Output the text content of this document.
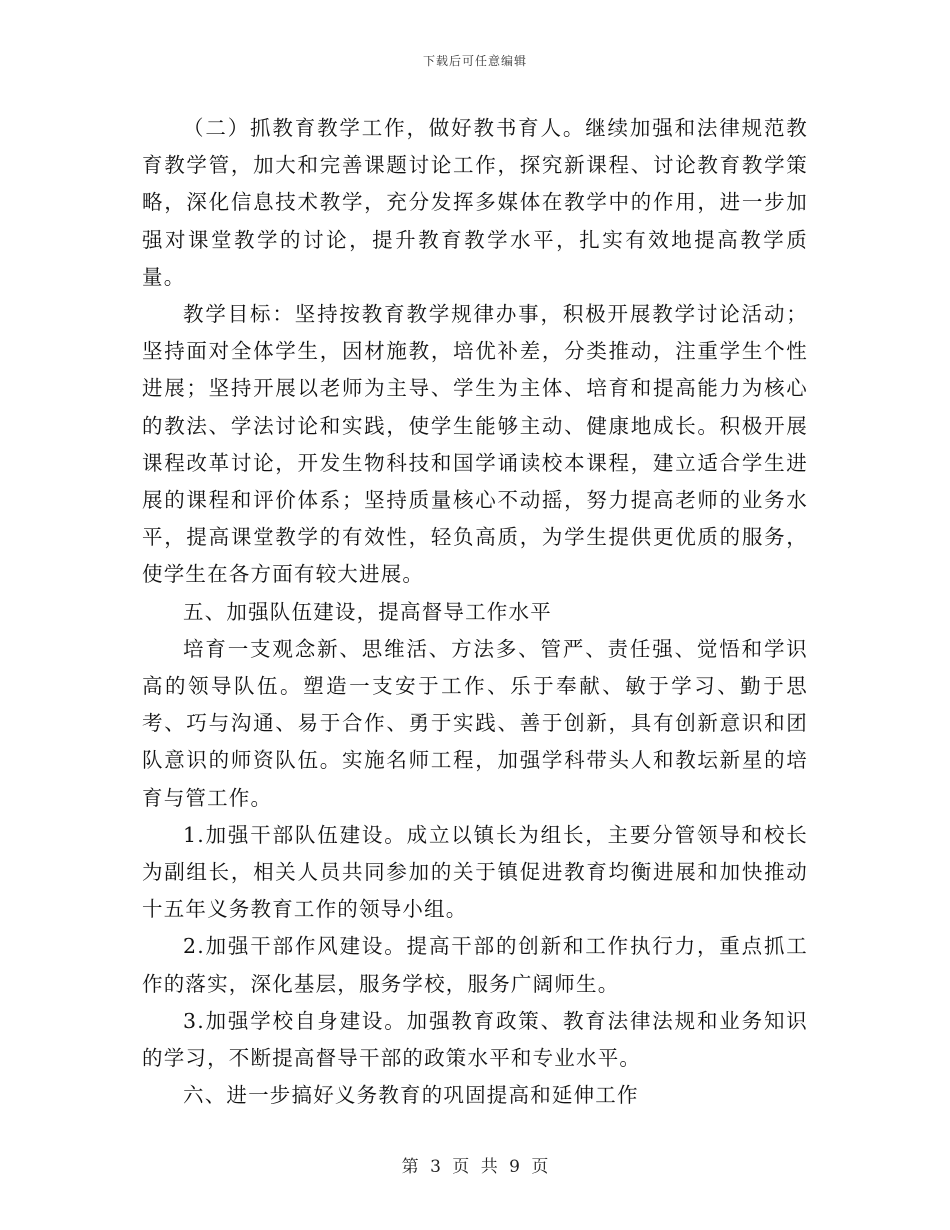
下载后可任意编辑

（二）抓教育教学工作，做好教书育人。继续加强和法律规范教育教学管，加大和完善课题讨论工作，探究新课程、讨论教育教学策略，深化信息技术教学，充分发挥多媒体在教学中的作用，进一步加强对课堂教学的讨论，提升教育教学水平，扎实有效地提高教学质量。

教学目标：坚持按教育教学规律办事，积极开展教学讨论活动；坚持面对全体学生，因材施教，培优补差，分类推动，注重学生个性进展；坚持开展以老师为主导、学生为主体、培育和提高能力为核心的教法、学法讨论和实践，使学生能够主动、健康地成长。积极开展课程改革讨论，开发生物科技和国学诵读校本课程，建立适合学生进展的课程和评价体系；坚持质量核心不动摇，努力提高老师的业务水平，提高课堂教学的有效性，轻负高质，为学生提供更优质的服务，使学生在各方面有较大进展。

五、加强队伍建设，提高督导工作水平

培育一支观念新、思维活、方法多、管严、责任强、觉悟和学识高的领导队伍。塑造一支安于工作、乐于奉献、敏于学习、勤于思考、巧与沟通、易于合作、勇于实践、善于创新，具有创新意识和团队意识的师资队伍。实施名师工程，加强学科带头人和教坛新星的培育与管工作。

1.加强干部队伍建设。成立以镇长为组长，主要分管领导和校长为副组长，相关人员共同参加的关于镇促进教育均衡进展和加快推动十五年义务教育工作的领导小组。

2.加强干部作风建设。提高干部的创新和工作执行力，重点抓工作的落实，深化基层，服务学校，服务广阔师生。

3.加强学校自身建设。加强教育政策、教育法律法规和业务知识的学习，不断提高督导干部的政策水平和专业水平。

六、进一步搞好义务教育的巩固提高和延伸工作

第 3 页 共 9 页
